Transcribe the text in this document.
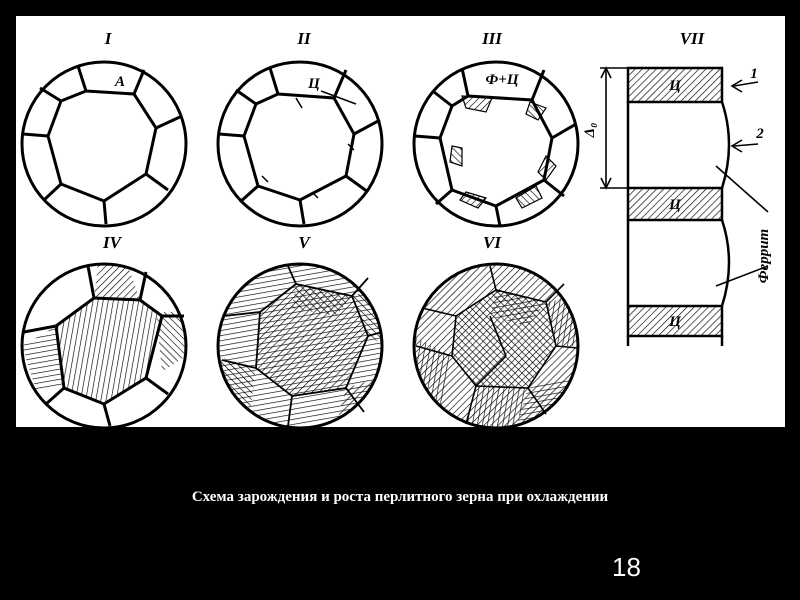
I	II	III
IV	V	VI
VII
А	Ц	Ф+Ц	Ц
Ц
Ц
1
2
Δ₀
Феррит
Схема зарождения и роста перлитного зерна при охлаждении
18
